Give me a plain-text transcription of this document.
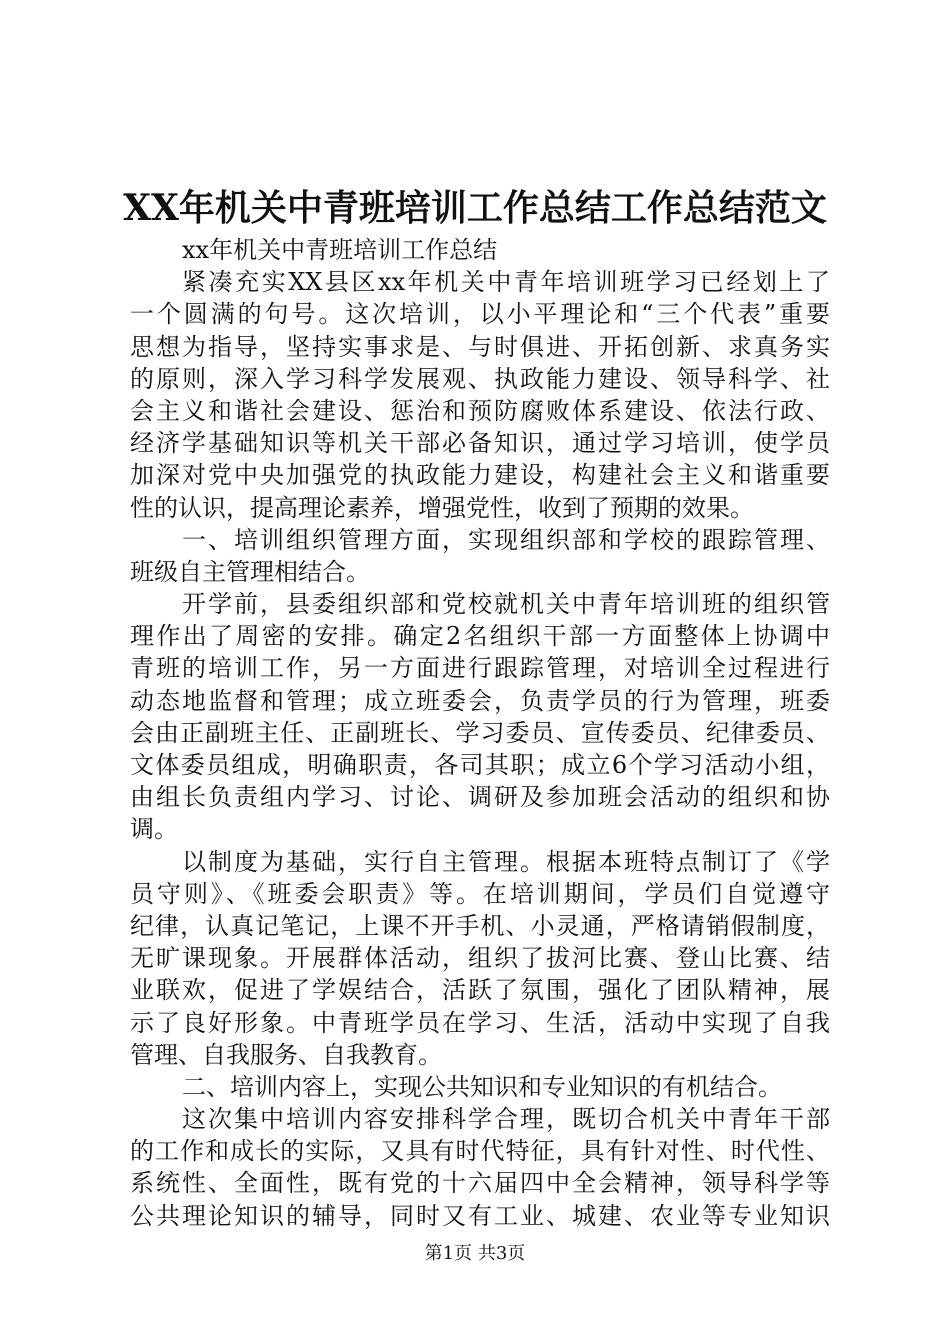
XX年机关中青班培训工作总结工作总结范文
xx年机关中青班培训工作总结
紧凑充实XX县区xx年机关中青年培训班学习已经划上了
一个圆满的句号。这次培训，以小平理论和“三个代表”重要
思想为指导，坚持实事求是、与时俱进、开拓创新、求真务实
的原则，深入学习科学发展观、执政能力建设、领导科学、社
会主义和谐社会建设、惩治和预防腐败体系建设、依法行政、
经济学基础知识等机关干部必备知识，通过学习培训，使学员
加深对党中央加强党的执政能力建设，构建社会主义和谐重要
性的认识，提高理论素养，增强党性，收到了预期的效果。
一、培训组织管理方面，实现组织部和学校的跟踪管理、
班级自主管理相结合。
开学前，县委组织部和党校就机关中青年培训班的组织管
理作出了周密的安排。确定2名组织干部一方面整体上协调中
青班的培训工作，另一方面进行跟踪管理，对培训全过程进行
动态地监督和管理；成立班委会，负责学员的行为管理，班委
会由正副班主任、正副班长、学习委员、宣传委员、纪律委员、
文体委员组成，明确职责，各司其职；成立6个学习活动小组，
由组长负责组内学习、讨论、调研及参加班会活动的组织和协
调。
以制度为基础，实行自主管理。根据本班特点制订了《学
员守则》、《班委会职责》等。在培训期间，学员们自觉遵守
纪律，认真记笔记，上课不开手机、小灵通，严格请销假制度，
无旷课现象。开展群体活动，组织了拔河比赛、登山比赛、结
业联欢，促进了学娱结合，活跃了氛围，强化了团队精神，展
示了良好形象。中青班学员在学习、生活，活动中实现了自我
管理、自我服务、自我教育。
二、培训内容上，实现公共知识和专业知识的有机结合。
这次集中培训内容安排科学合理，既切合机关中青年干部
的工作和成长的实际，又具有时代特征，具有针对性、时代性、
系统性、全面性，既有党的十六届四中全会精神，领导科学等
公共理论知识的辅导，同时又有工业、城建、农业等专业知识
第1页 共3页
